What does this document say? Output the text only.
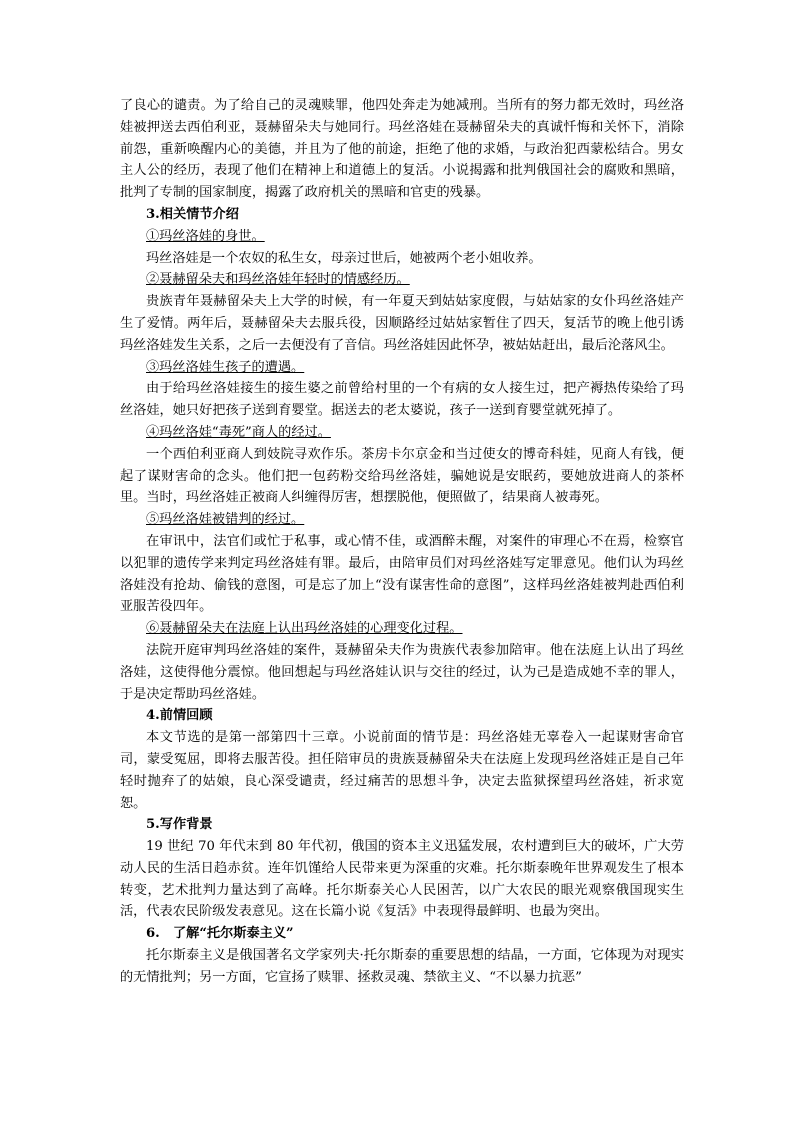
了良心的谴责。为了给自己的灵魂赎罪，他四处奔走为她减刑。当所有的努力都无效时，玛丝洛娃被押送去西伯利亚，聂赫留朵夫与她同行。玛丝洛娃在聂赫留朵夫的真诚忏悔和关怀下，消除前怨，重新唤醒内心的美德，并且为了他的前途，拒绝了他的求婚，与政治犯西蒙松结合。男女主人公的经历，表现了他们在精神上和道德上的复活。小说揭露和批判俄国社会的腐败和黑暗，批判了专制的国家制度，揭露了政府机关的黑暗和官吏的残暴。

3.相关情节介绍

①玛丝洛娃的身世。

玛丝洛娃是一个农奴的私生女，母亲过世后，她被两个老小姐收养。

②聂赫留朵夫和玛丝洛娃年轻时的情感经历。

贵族青年聂赫留朵夫上大学的时候，有一年夏天到姑姑家度假，与姑姑家的女仆玛丝洛娃产生了爱情。两年后，聂赫留朵夫去服兵役，因顺路经过姑姑家暂住了四天，复活节的晚上他引诱玛丝洛娃发生关系，之后一去便没有了音信。玛丝洛娃因此怀孕，被姑姑赶出，最后沦落风尘。

③玛丝洛娃生孩子的遭遇。

由于给玛丝洛娃接生的接生婆之前曾给村里的一个有病的女人接生过，把产褥热传染给了玛丝洛娃，她只好把孩子送到育婴堂。据送去的老太婆说，孩子一送到育婴堂就死掉了。

④玛丝洛娃“毒死”商人的经过。

一个西伯利亚商人到妓院寻欢作乐。茶房卡尔京金和当过使女的博奇科娃，见商人有钱，便起了谋财害命的念头。他们把一包药粉交给玛丝洛娃，骗她说是安眠药，要她放进商人的茶杯里。当时，玛丝洛娃正被商人纠缠得厉害，想摆脱他，便照做了，结果商人被毒死。

⑤玛丝洛娃被错判的经过。

在审讯中，法官们或忙于私事，或心情不佳，或酒醉未醒，对案件的审理心不在焉，检察官以犯罪的遗传学来判定玛丝洛娃有罪。最后，由陪审员们对玛丝洛娃写定罪意见。他们认为玛丝洛娃没有抢劫、偷钱的意图，可是忘了加上“没有谋害性命的意图”，这样玛丝洛娃被判赴西伯利亚服苦役四年。

⑥聂赫留朵夫在法庭上认出玛丝洛娃的心理变化过程。

法院开庭审判玛丝洛娃的案件，聂赫留朵夫作为贵族代表参加陪审。他在法庭上认出了玛丝洛娃，这使得他分震惊。他回想起与玛丝洛娃认识与交往的经过，认为己是造成她不幸的罪人，于是决定帮助玛丝洛娃。

4.前情回顾

本文节选的是第一部第四十三章。小说前面的情节是：玛丝洛娃无辜卷入一起谋财害命官司，蒙受冤屈，即将去服苦役。担任陪审员的贵族聂赫留朵夫在法庭上发现玛丝洛娃正是自己年轻时抛弃了的姑娘，良心深受谴责，经过痛苦的思想斗争，决定去监狱探望玛丝洛娃，祈求宽恕。

5.写作背景

19 世纪 70 年代末到 80 年代初，俄国的资本主义迅猛发展，农村遭到巨大的破坏，广大劳动人民的生活日趋赤贫。连年饥馑给人民带来更为深重的灾难。托尔斯泰晚年世界观发生了根本转变，艺术批判力量达到了高峰。托尔斯泰关心人民困苦，以广大农民的眼光观察俄国现实生活，代表农民阶级发表意见。这在长篇小说《复活》中表现得最鲜明、也最为突出。

6.　了解“托尔斯泰主义”

托尔斯泰主义是俄国著名文学家列夫·托尔斯泰的重要思想的结晶，一方面，它体现为对现实的无情批判；另一方面，它宣扬了赎罪、拯救灵魂、禁欲主义、“不以暴力抗恶”
